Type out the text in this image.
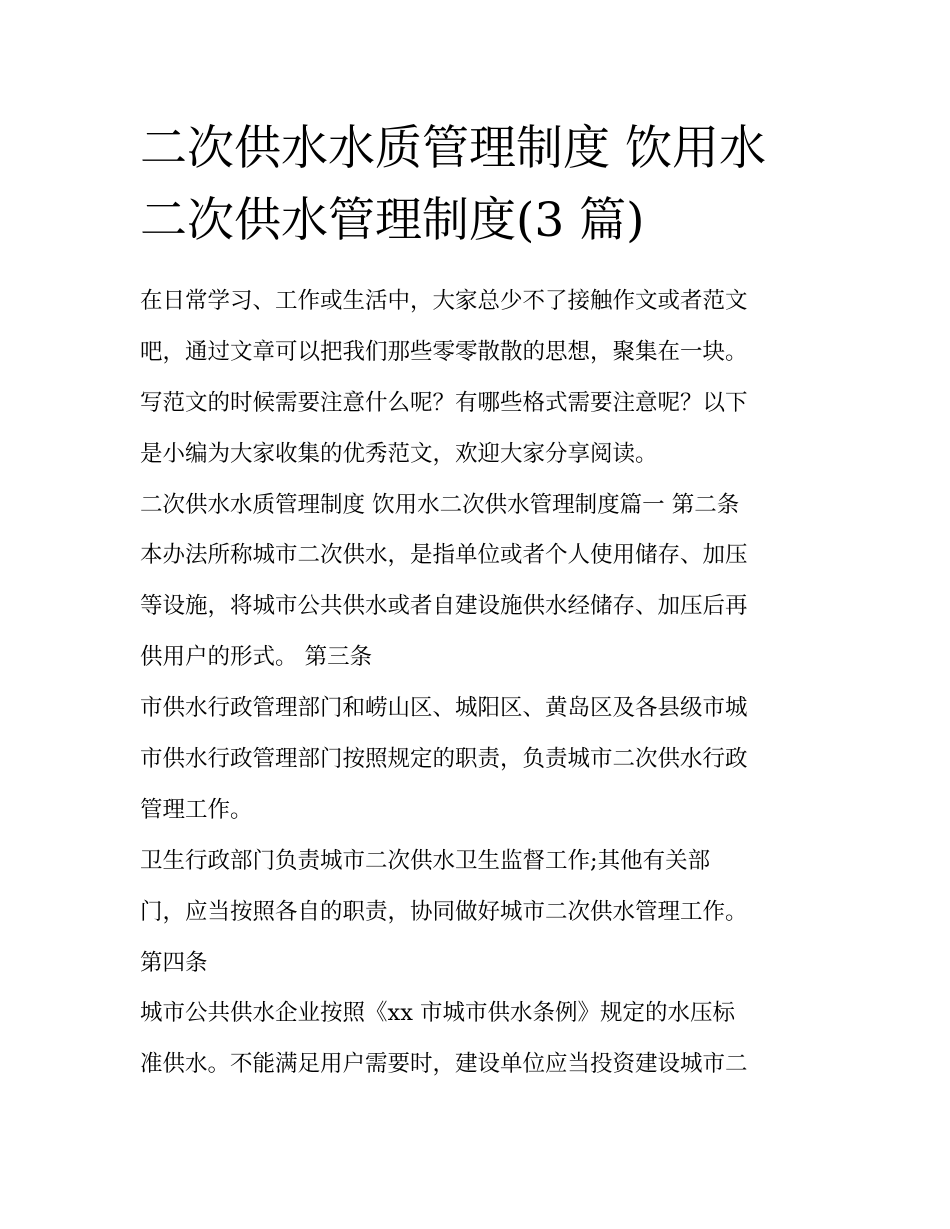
二次供水水质管理制度 饮用水
二次供水管理制度(3 篇)
在日常学习、工作或生活中，大家总少不了接触作文或者范文
吧，通过文章可以把我们那些零零散散的思想，聚集在一块。
写范文的时候需要注意什么呢？有哪些格式需要注意呢？以下
是小编为大家收集的优秀范文，欢迎大家分享阅读。
二次供水水质管理制度 饮用水二次供水管理制度篇一 第二条
本办法所称城市二次供水，是指单位或者个人使用储存、加压
等设施，将城市公共供水或者自建设施供水经储存、加压后再
供用户的形式。 第三条
市供水行政管理部门和崂山区、城阳区、黄岛区及各县级市城
市供水行政管理部门按照规定的职责，负责城市二次供水行政
管理工作。
卫生行政部门负责城市二次供水卫生监督工作;其他有关部
门，应当按照各自的职责，协同做好城市二次供水管理工作。
第四条
城市公共供水企业按照《xx 市城市供水条例》规定的水压标
准供水。不能满足用户需要时，建设单位应当投资建设城市二
